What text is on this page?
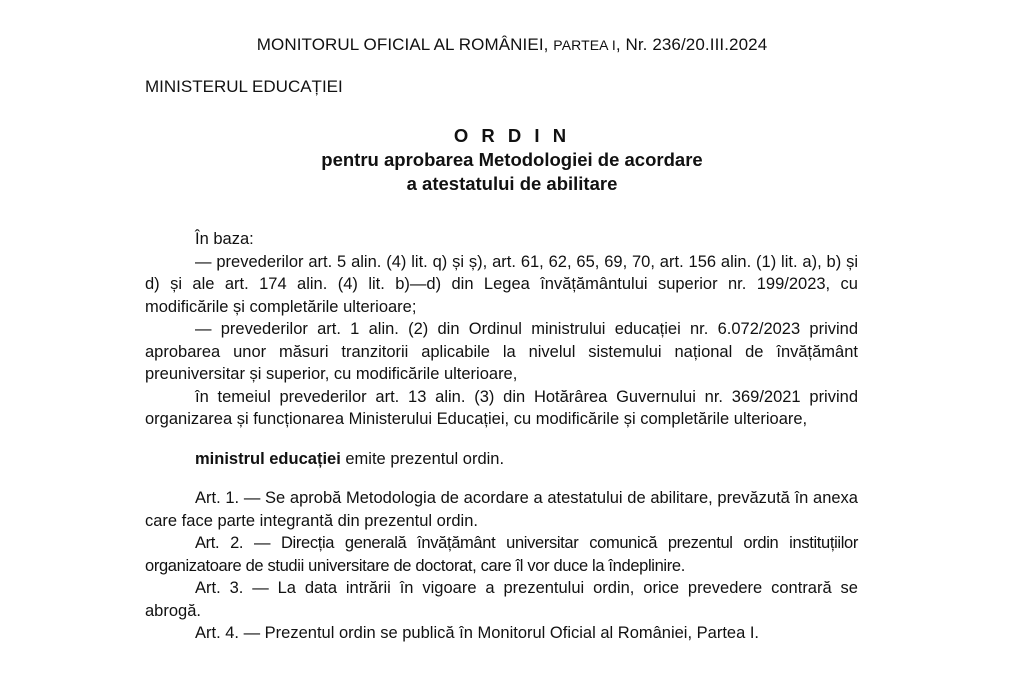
MONITORUL OFICIAL AL ROMÂNIEI, PARTEA I, Nr. 236/20.III.2024
MINISTERUL EDUCAȚIEI
O R D I N
pentru aprobarea Metodologiei de acordare
a atestatului de abilitare

În baza:

— prevederilor art. 5 alin. (4) lit. q) și ș), art. 61, 62, 65, 69, 70, art. 156 alin. (1) lit. a), b) și d) și ale art. 174 alin. (4) lit. b)—d) din Legea învățământului superior nr. 199/2023, cu modificările și completările ulterioare;

— prevederilor art. 1 alin. (2) din Ordinul ministrului educației nr. 6.072/2023 privind aprobarea unor măsuri tranzitorii aplicabile la nivelul sistemului național de învățământ preuniversitar și superior, cu modificările ulterioare,

în temeiul prevederilor art. 13 alin. (3) din Hotărârea Guvernului nr. 369/2021 privind organizarea și funcționarea Ministerului Educației, cu modificările și completările ulterioare,

ministrul educației emite prezentul ordin.

Art. 1. — Se aprobă Metodologia de acordare a atestatului de abilitare, prevăzută în anexa care face parte integrantă din prezentul ordin.

Art. 2. — Direcția generală învățământ universitar comunică prezentul ordin instituțiilor organizatoare de studii universitare de doctorat, care îl vor duce la îndeplinire.

Art. 3. — La data intrării în vigoare a prezentului ordin, orice prevedere contrară se abrogă.

Art. 4. — Prezentul ordin se publică în Monitorul Oficial al României, Partea I.
